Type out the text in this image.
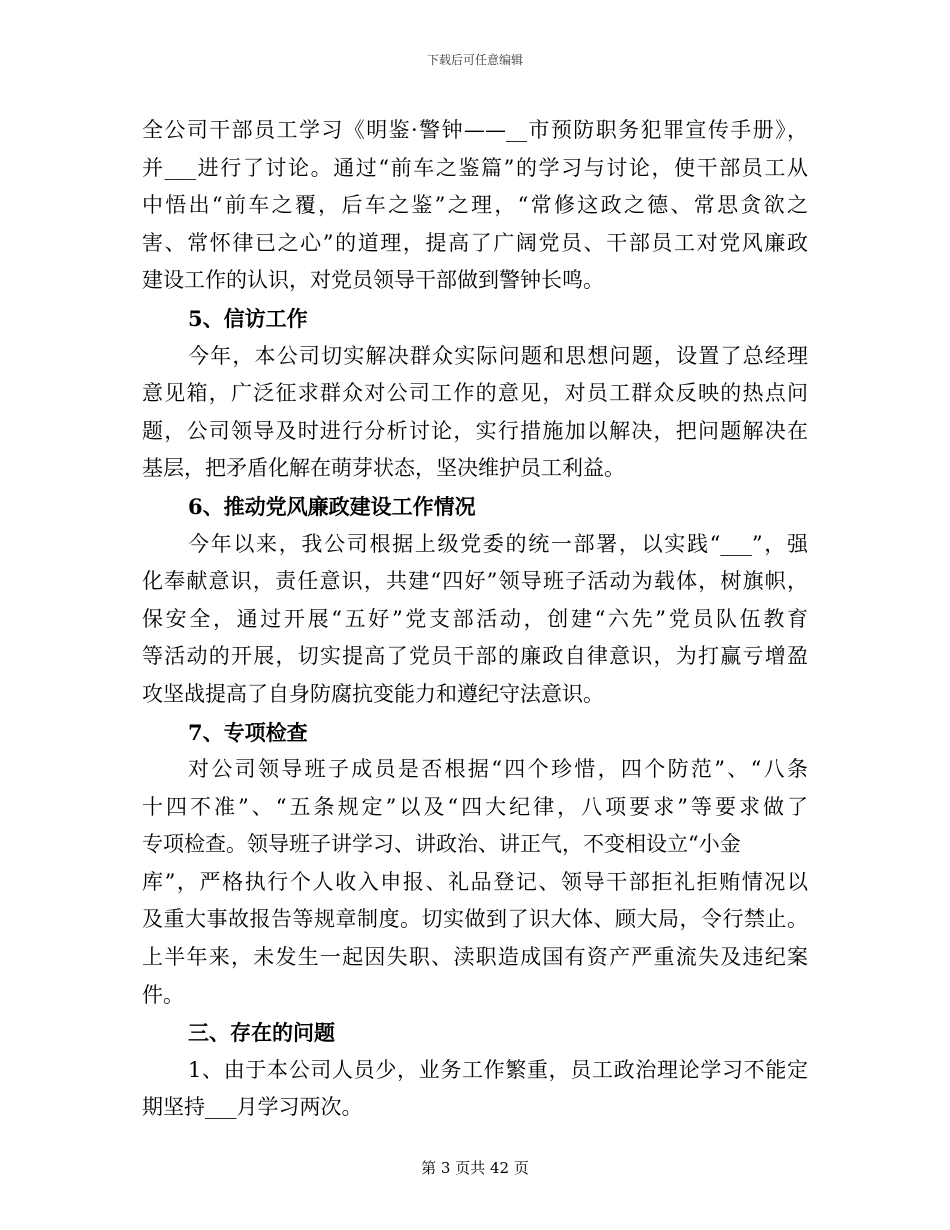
下载后可任意编辑
全公司干部员工学习《明鉴·警钟——__市预防职务犯罪宣传手册》，
并___进行了讨论。通过“前车之鉴篇”的学习与讨论，使干部员工从
中悟出“前车之覆，后车之鉴”之理，“常修这政之德、常思贪欲之
害、常怀律已之心”的道理，提高了广阔党员、干部员工对党风廉政
建设工作的认识，对党员领导干部做到警钟长鸣。
5、信访工作
今年，本公司切实解决群众实际问题和思想问题，设置了总经理
意见箱，广泛征求群众对公司工作的意见，对员工群众反映的热点问
题，公司领导及时进行分析讨论，实行措施加以解决，把问题解决在
基层，把矛盾化解在萌芽状态，坚决维护员工利益。
6、推动党风廉政建设工作情况
今年以来，我公司根据上级党委的统一部署，以实践“___”，强
化奉献意识，责任意识，共建“四好”领导班子活动为载体，树旗帜，
保安全，通过开展“五好”党支部活动，创建“六先”党员队伍教育
等活动的开展，切实提高了党员干部的廉政自律意识，为打赢亏增盈
攻坚战提高了自身防腐抗变能力和遵纪守法意识。
7、专项检查
对公司领导班子成员是否根据“四个珍惜，四个防范”、“八条
十四不准”、“五条规定”以及“四大纪律，八项要求”等要求做了
专项检查。领导班子讲学习、讲政治、讲正气，不变相设立“小金
库”，严格执行个人收入申报、礼品登记、领导干部拒礼拒贿情况以
及重大事故报告等规章制度。切实做到了识大体、顾大局，令行禁止。
上半年来，未发生一起因失职、渎职造成国有资产严重流失及违纪案
件。
三、存在的问题
1、由于本公司人员少，业务工作繁重，员工政治理论学习不能定
期坚持___月学习两次。
第 3 页共 42 页
